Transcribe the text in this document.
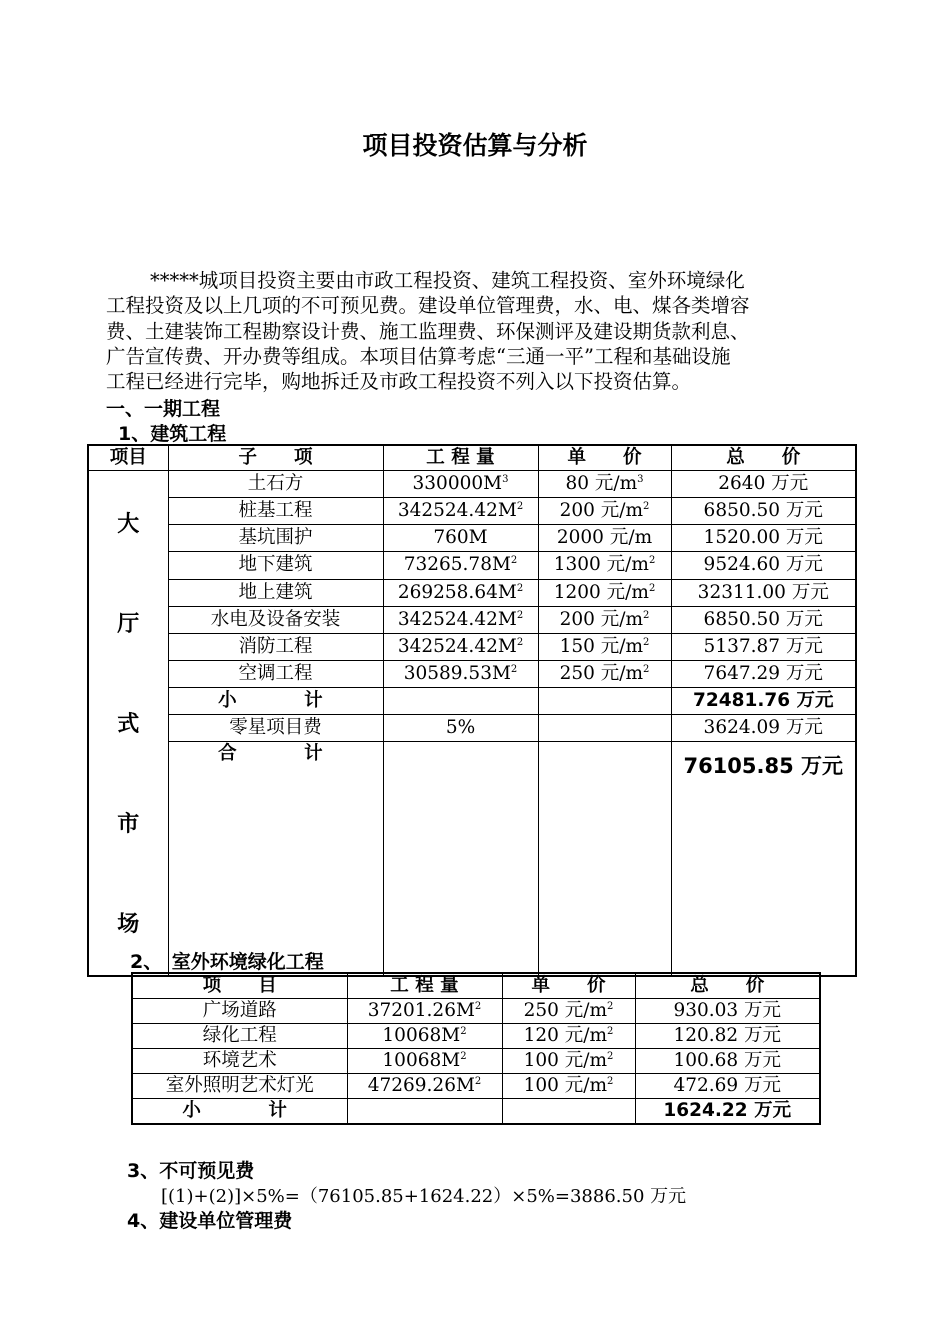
项目投资估算与分析
*****城项目投资主要由市政工程投资、建筑工程投资、室外环境绿化
工程投资及以上几项的不可预见费。建设单位管理费，水、电、煤各类增容
费、土建装饰工程勘察设计费、施工监理费、环保测评及建设期货款利息、
广告宣传费、开办费等组成。本项目估算考虑“三通一平”工程和基础设施
工程已经进行完毕，购地拆迁及市政工程投资不列入以下投资估算。
一、一期工程
1、建筑工程
项目	子　　项	工 程 量	单　　价	总　　价

大
厅
式
市
场	土石方	$330000M^3$	80 元$/m^3$	2640 万元
	桩基工程	$342524.42M^2$	200 元$/m^2$	6850.50 万元
	基坑围护	760M	2000 元/m	1520.00 万元
	地下建筑	$73265.78M^2$	1300 元$/m^2$	9524.60 万元
	地上建筑	$269258.64M^2$	1200 元$/m^2$	32311.00 万元
	水电及设备安装	$342524.42M^2$	200 元$/m^2$	6850.50 万元
	消防工程	$342524.42M^2$	150 元$/m^2$	5137.87 万元
	空调工程	$30589.53M^2$	250 元$/m^2$	7647.29 万元
	小　　计			72481.76 万元
	零星项目费	5%		3624.09 万元
	合　　计			76105.85 万元
2、　室外环境绿化工程
项　　目	工 程 量	单　　价	总　　价
广场道路	$37201.26M^2$	250 元$/m^2$	930.03 万元
绿化工程	$10068M^2$	120 元$/m^2$	120.82 万元
环境艺术	$10068M^2$	100 元$/m^2$	100.68 万元
室外照明艺术灯光	$47269.26M^2$	100 元$/m^2$	472.69 万元
小　　计			1624.22 万元
3、不可预见费
[(1)+(2)]×5%=（76105.85+1624.22）×5%=3886.50 万元
4、建设单位管理费
